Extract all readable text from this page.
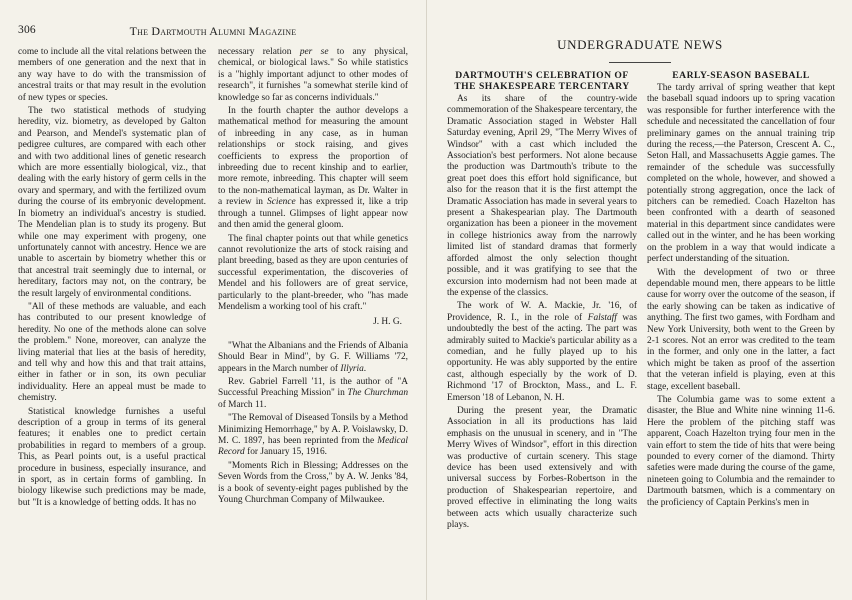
306	The Dartmouth Alumni Magazine

come to include all the vital relations between the members of one generation and the next that in any way have to do with the transmission of ancestral traits or that may result in the evolution of new types or species.

The two statistical methods of studying heredity, viz. biometry, as developed by Galton and Pearson, and Mendel's systematic plan of pedigree cultures, are compared with each other and with two additional lines of genetic research which are more essentially biological, viz., that dealing with the early history of germ cells in the ovary and spermary, and with the fertilized ovum during the course of its embryonic development. In biometry an individual's ancestry is studied. The Mendelian plan is to study its progeny. But while one may experiment with progeny, one unfortunately cannot with ancestry. Hence we are unable to ascertain by biometry whether this or that ancestral trait seemingly due to internal, or hereditary, factors may not, on the contrary, be the result largely of environmental conditions.

"All of these methods are valuable, and each has contributed to our present knowledge of heredity. No one of the methods alone can solve the problem." None, moreover, can analyze the living material that lies at the basis of heredity, and tell why and how this and that trait attains, either in father or in son, its own peculiar individuality. Here an appeal must be made to chemistry.

Statistical knowledge furnishes a useful description of a group in terms of its general features; it enables one to predict certain probabilities in regard to members of a group. This, as Pearl points out, is a useful practical procedure in business, especially insurance, and in sport, as in certain forms of gambling. In biology likewise such predictions may be made, but "It is a knowledge of betting odds. It has no

necessary relation per se to any physical, chemical, or biological laws." So while statistics is a "highly important adjunct to other modes of research", it furnishes "a somewhat sterile kind of knowledge so far as concerns individuals."

In the fourth chapter the author develops a mathematical method for measuring the amount of inbreeding in any case, as in human relationships or stock raising, and gives coefficients to express the proportion of inbreeding due to recent kinship and to earlier, more remote, inbreeding. This chapter will seem to the non-mathematical layman, as Dr. Walter in a review in Science has expressed it, like a trip through a tunnel. Glimpses of light appear now and then amid the general gloom.

The final chapter points out that while genetics cannot revolutionize the arts of stock raising and plant breeding, based as they are upon centuries of successful experimentation, the discoveries of Mendel and his followers are of great service, particularly to the plant-breeder, who "has made Mendelism a working tool of his craft."

J. H. G.

"What the Albanians and the Friends of Albania Should Bear in Mind", by G. F. Williams '72, appears in the March number of Illyria.

Rev. Gabriel Farrell '11, is the author of "A Successful Preaching Mission" in The Churchman of March 11.

"The Removal of Diseased Tonsils by a Method Minimizing Hemorrhage," by A. P. Voislawsky, D. M. C. 1897, has been reprinted from the Medical Record for January 15, 1916.

"Moments Rich in Blessing; Addresses on the Seven Words from the Cross," by A. W. Jenks '84, is a book of seventy-eight pages published by the Young Churchman Company of Milwaukee.

UNDERGRADUATE NEWS

DARTMOUTH'S CELEBRATION OF THE SHAKESPEARE TERCENTARY

As its share of the country-wide commemoration of the Shakespeare tercentary, the Dramatic Association staged in Webster Hall Saturday evening, April 29, "The Merry Wives of Windsor" with a cast which included the Association's best performers. Not alone because the production was Dartmouth's tribute to the great poet does this effort hold significance, but also for the reason that it is the first attempt the Dramatic Association has made in several years to present a Shakespearian play. The Dartmouth organization has been a pioneer in the movement in college histrionics away from the narrowly limited list of standard dramas that formerly afforded almost the only selection thought possible, and it was gratifying to see that the excursion into modernism had not been made at the expense of the classics.

The work of W. A. Mackie, Jr. '16, of Providence, R. I., in the role of Falstaff was undoubtedly the best of the acting. The part was admirably suited to Mackie's particular ability as a comedian, and he fully played up to his opportunity. He was ably supported by the entire cast, although especially by the work of D. Richmond '17 of Brockton, Mass., and L. F. Emerson '18 of Lebanon, N. H.

During the present year, the Dramatic Association in all its productions has laid emphasis on the unusual in scenery, and in "The Merry Wives of Windsor", effort in this direction was productive of curtain scenery. This stage device has been used extensively and with universal success by Forbes-Robertson in the production of Shakespearian repertoire, and proved effective in eliminating the long waits between acts which usually characterize such plays.

EARLY-SEASON BASEBALL

The tardy arrival of spring weather that kept the baseball squad indoors up to spring vacation was responsible for further interference with the schedule and necessitated the cancellation of four preliminary games on the annual training trip during the recess,—the Paterson, Crescent A. C., Seton Hall, and Massachusetts Aggie games. The remainder of the schedule was successfully completed on the whole, however, and showed a potentially strong aggregation, once the lack of pitchers can be remedied. Coach Hazelton has been confronted with a dearth of seasoned material in this department since candidates were called out in the winter, and he has been working on the problem in a way that would indicate a perfect understanding of the situation.

With the development of two or three dependable mound men, there appears to be little cause for worry over the outcome of the season, if the early showing can be taken as indicative of anything. The first two games, with Fordham and New York University, both went to the Green by 2-1 scores. Not an error was credited to the team in the former, and only one in the latter, a fact which might be taken as proof of the assertion that the veteran infield is playing, even at this stage, excellent baseball.

The Columbia game was to some extent a disaster, the Blue and White nine winning 11-6. Here the problem of the pitching staff was apparent, Coach Hazelton trying four men in the vain effort to stem the tide of hits that were being pounded to every corner of the diamond. Thirty safeties were made during the course of the game, nineteen going to Columbia and the remainder to Dartmouth batsmen, which is a commentary on the proficiency of Captain Perkins's men in
